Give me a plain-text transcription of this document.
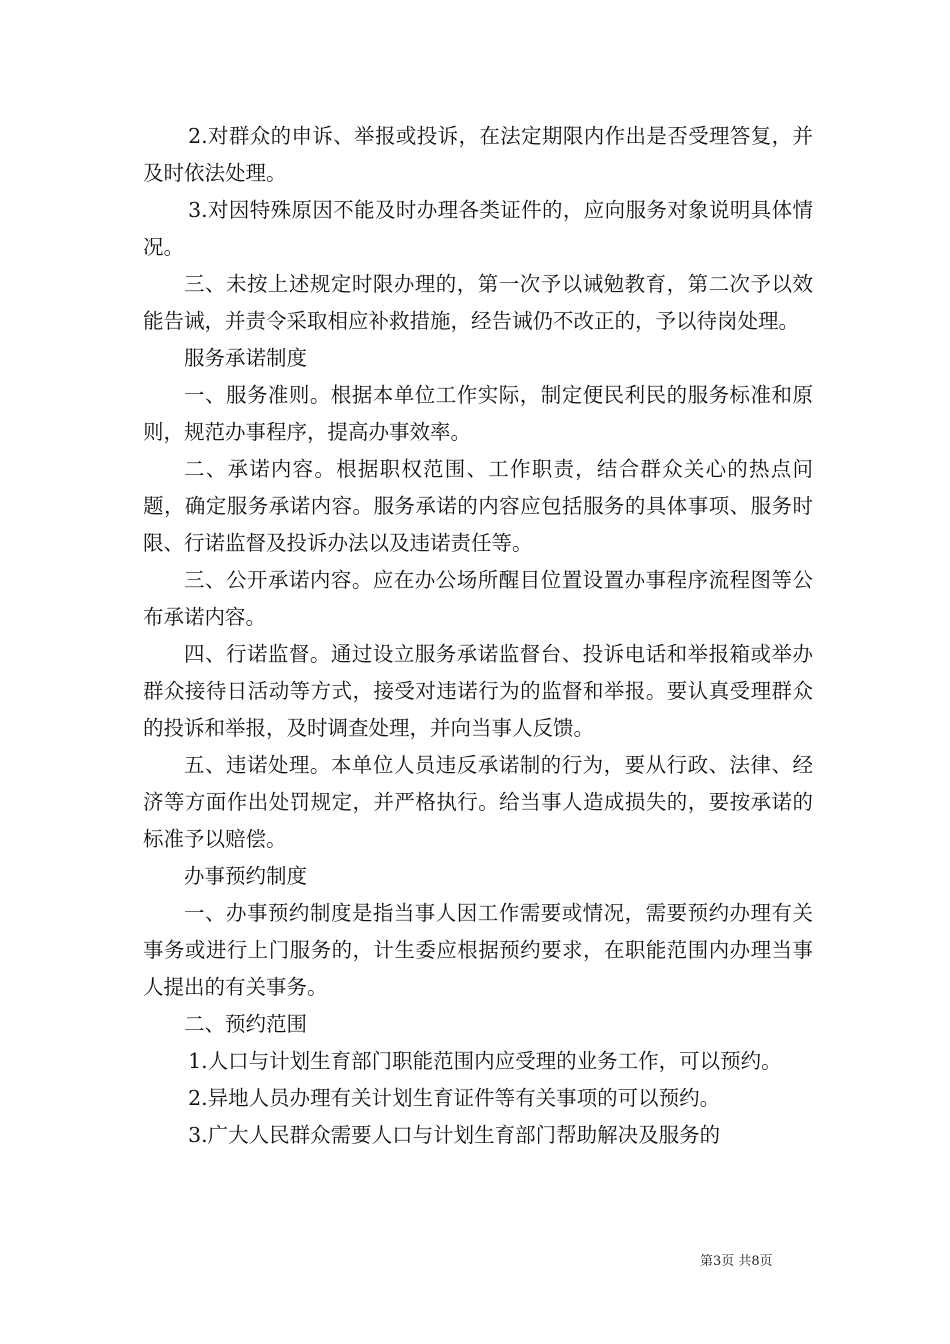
2.对群众的申诉、举报或投诉，在法定期限内作出是否受理答复，并及时依法处理。

3.对因特殊原因不能及时办理各类证件的，应向服务对象说明具体情况。

三、未按上述规定时限办理的，第一次予以诫勉教育，第二次予以效能告诫，并责令采取相应补救措施，经告诫仍不改正的，予以待岗处理。

服务承诺制度

一、服务准则。根据本单位工作实际，制定便民利民的服务标准和原则，规范办事程序，提高办事效率。

二、承诺内容。根据职权范围、工作职责，结合群众关心的热点问题，确定服务承诺内容。服务承诺的内容应包括服务的具体事项、服务时限、行诺监督及投诉办法以及违诺责任等。

三、公开承诺内容。应在办公场所醒目位置设置办事程序流程图等公布承诺内容。

四、行诺监督。通过设立服务承诺监督台、投诉电话和举报箱或举办群众接待日活动等方式，接受对违诺行为的监督和举报。要认真受理群众的投诉和举报，及时调查处理，并向当事人反馈。

五、违诺处理。本单位人员违反承诺制的行为，要从行政、法律、经济等方面作出处罚规定，并严格执行。给当事人造成损失的，要按承诺的标准予以赔偿。

办事预约制度

一、办事预约制度是指当事人因工作需要或情况，需要预约办理有关事务或进行上门服务的，计生委应根据预约要求，在职能范围内办理当事人提出的有关事务。

二、预约范围

1.人口与计划生育部门职能范围内应受理的业务工作，可以预约。

2.异地人员办理有关计划生育证件等有关事项的可以预约。

3.广大人民群众需要人口与计划生育部门帮助解决及服务的

第3页 共8页
